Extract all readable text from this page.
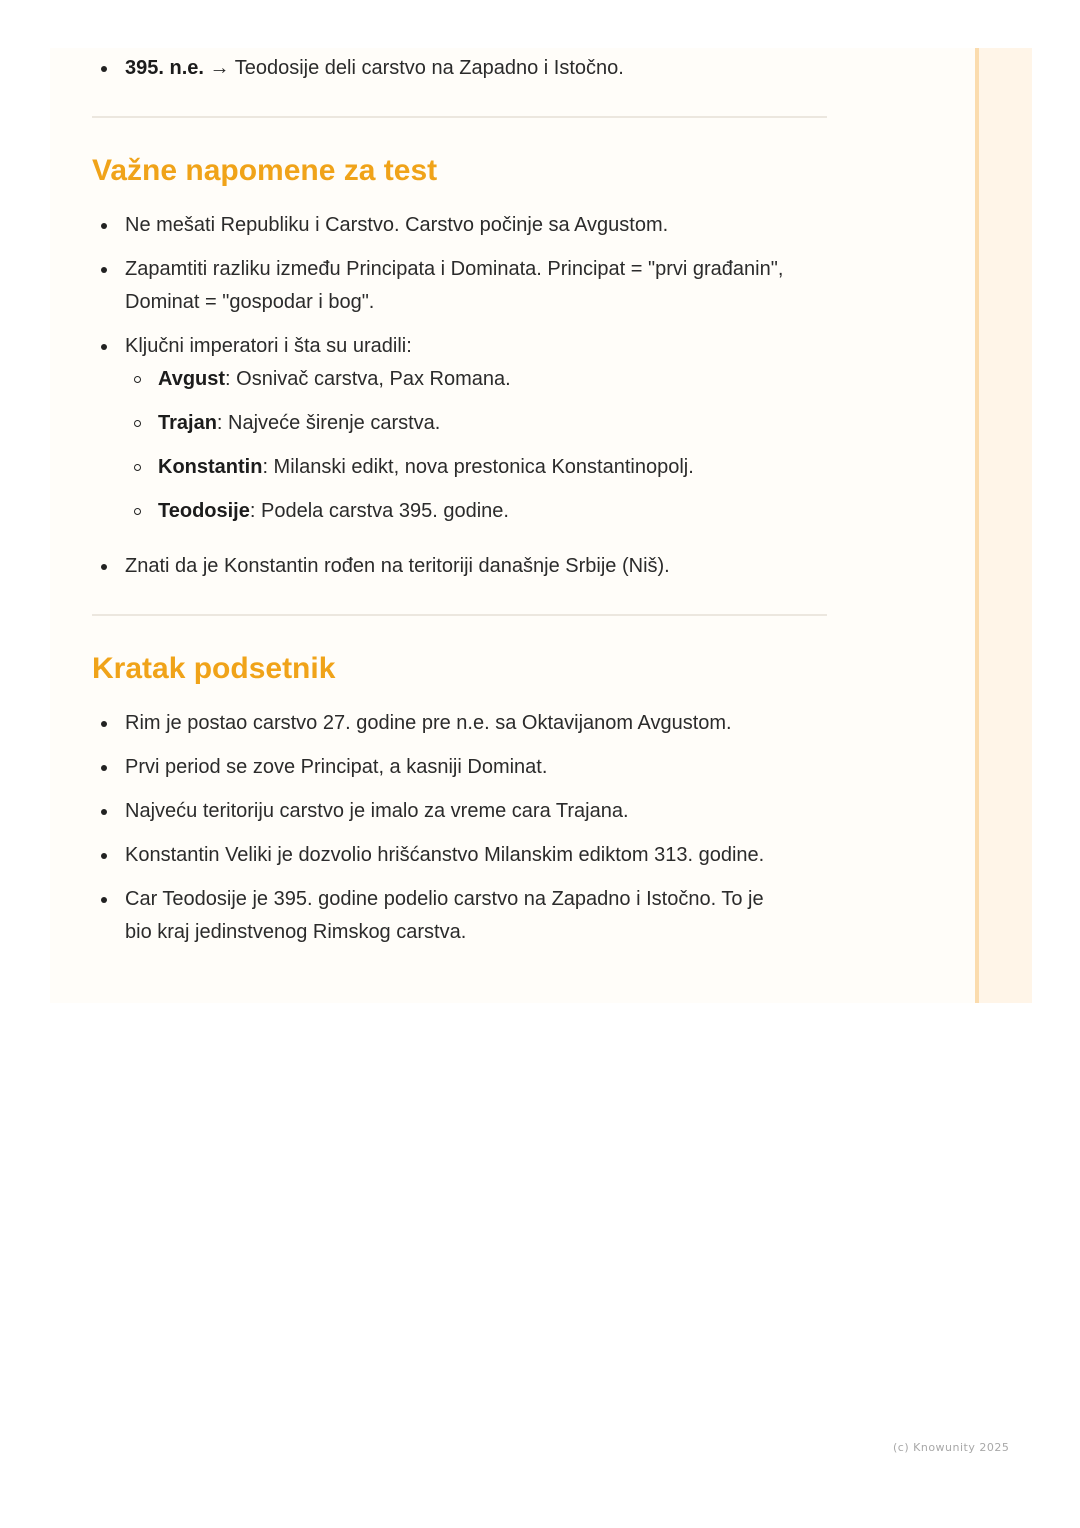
395. n.e. → Teodosije deli carstvo na Zapadno i Istočno.
Važne napomene za test
Ne mešati Republiku i Carstvo. Carstvo počinje sa Avgustom.
Zapamtiti razliku između Principata i Dominata. Principat = "prvi građanin",
Dominat = "gospodar i bog".
Ključni imperatori i šta su uradili:
Avgust: Osnivač carstva, Pax Romana.
Trajan: Najveće širenje carstva.
Konstantin: Milanski edikt, nova prestonica Konstantinopolj.
Teodosije: Podela carstva 395. godine.
Znati da je Konstantin rođen na teritoriji današnje Srbije (Niš).
Kratak podsetnik
Rim je postao carstvo 27. godine pre n.e. sa Oktavijanom Avgustom.
Prvi period se zove Principat, a kasniji Dominat.
Najveću teritoriju carstvo je imalo za vreme cara Trajana.
Konstantin Veliki je dozvolio hrišćanstvo Milanskim ediktom 313. godine.
Car Teodosije je 395. godine podelio carstvo na Zapadno i Istočno. To je
bio kraj jedinstvenog Rimskog carstva.
(c) Knowunity 2025
